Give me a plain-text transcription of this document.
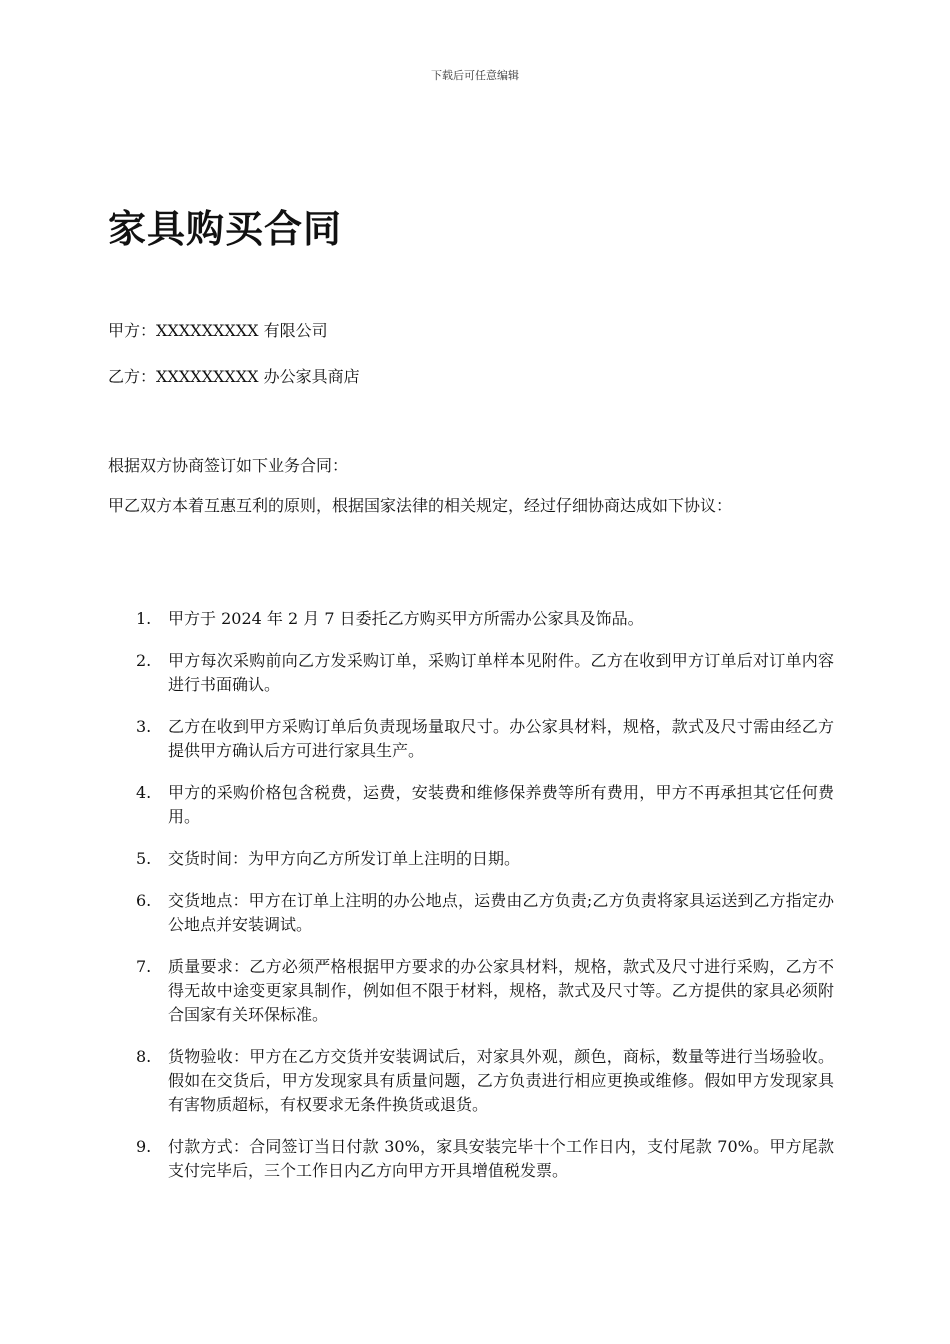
下载后可任意编辑
家具购买合同
甲方：XXXXXXXXX 有限公司
乙方：XXXXXXXXX 办公家具商店
根据双方协商签订如下业务合同：
甲乙双方本着互惠互利的原则，根据国家法律的相关规定，经过仔细协商达成如下协议：
1. 甲方于 2024 年 2 月 7 日委托乙方购买甲方所需办公家具及饰品。
2. 甲方每次采购前向乙方发采购订单，采购订单样本见附件。乙方在收到甲方订单后对订单内容进行书面确认。
3. 乙方在收到甲方采购订单后负责现场量取尺寸。办公家具材料，规格，款式及尺寸需由经乙方提供甲方确认后方可进行家具生产。
4. 甲方的采购价格包含税费，运费，安装费和维修保养费等所有费用，甲方不再承担其它任何费用。
5. 交货时间：为甲方向乙方所发订单上注明的日期。
6. 交货地点：甲方在订单上注明的办公地点，运费由乙方负责;乙方负责将家具运送到乙方指定办公地点并安装调试。
7. 质量要求：乙方必须严格根据甲方要求的办公家具材料，规格，款式及尺寸进行采购，乙方不得无故中途变更家具制作，例如但不限于材料，规格，款式及尺寸等。乙方提供的家具必须附合国家有关环保标准。
8. 货物验收：甲方在乙方交货并安装调试后，对家具外观，颜色，商标，数量等进行当场验收。假如在交货后，甲方发现家具有质量问题，乙方负责进行相应更换或维修。假如甲方发现家具有害物质超标，有权要求无条件换货或退货。
9. 付款方式：合同签订当日付款 30%，家具安装完毕十个工作日内，支付尾款 70%。甲方尾款支付完毕后，三个工作日内乙方向甲方开具增值税发票。
